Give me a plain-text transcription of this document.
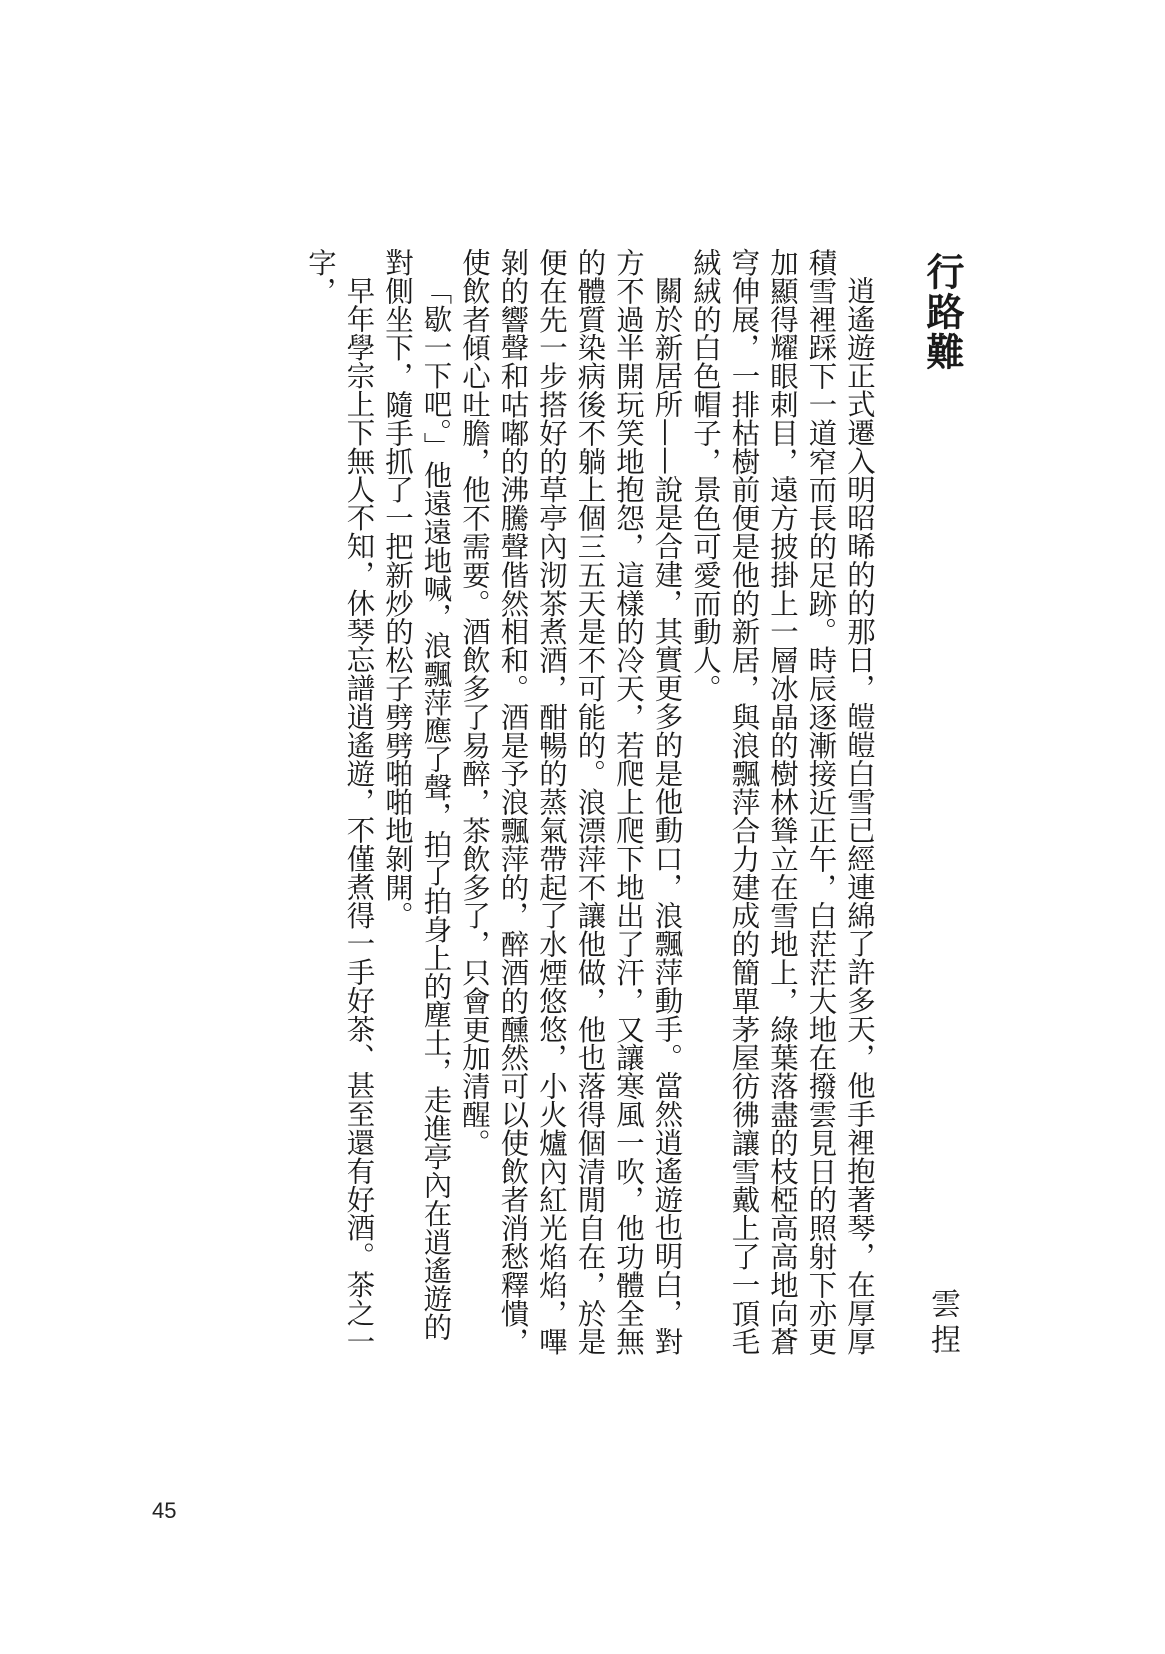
行路難
雲捏

逍遙遊正式遷入明昭晞的的那日，皚皚白雪已經連綿了許多天，他手裡抱著琴，在厚厚積雪裡踩下一道窄而長的足跡。時辰逐漸接近正午，白茫茫大地在撥雲見日的照射下亦更加顯得耀眼刺目，遠方披掛上一層冰晶的樹林聳立在雪地上，綠葉落盡的枝椏高高地向蒼穹伸展，一排枯樹前便是他的新居，與浪飄萍合力建成的簡單茅屋彷彿讓雪戴上了一頂毛絨絨的白色帽子，景色可愛而動人。

關於新居所——說是合建，其實更多的是他動口，浪飄萍動手。當然逍遙遊也明白，對方不過半開玩笑地抱怨，這樣的冷天，若爬上爬下地出了汗，又讓寒風一吹，他功體全無的體質染病後不躺上個三五天是不可能的。浪漂萍不讓他做，他也落得個清閒自在，於是便在先一步搭好的草亭內沏茶煮酒，酣暢的蒸氣帶起了水煙悠悠，小火爐內紅光焰焰，嗶剝的響聲和咕嘟的沸騰聲偕然相和。酒是予浪飄萍的，醉酒的醺然可以使飲者消愁釋憒，使飲者傾心吐膽，他不需要。酒飲多了易醉，茶飲多了，只會更加清醒。

「歇一下吧。」他遠遠地喊，浪飄萍應了聲，拍了拍身上的塵土，走進亭內在逍遙遊的對側坐下，隨手抓了一把新炒的松子劈劈啪啪地剝開。

早年學宗上下無人不知，休琴忘譜逍遙遊，不僅煮得一手好茶、甚至還有好酒。茶之一字，

45
